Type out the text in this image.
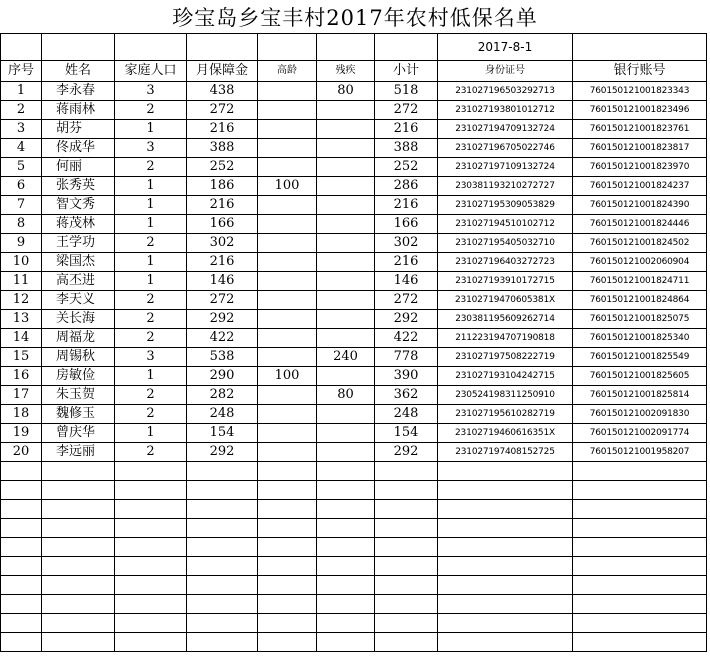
珍宝岛乡宝丰村2017年农村低保名单
							2017-8-1	
序号	姓名	家庭人口	月保障金	高龄	残疾	小计	身份证号	银行账号
1	李永春	3	438		80	518	231027196503292713	760150121001823343
2	蒋雨林	2	272			272	231027193801012712	760150121001823496
3	胡芬	1	216			216	231027194709132724	760150121001823761
4	佟成华	3	388			388	231027196705022746	760150121001823817
5	何丽	2	252			252	231027197109132724	760150121001823970
6	张秀英	1	186	100		286	230381193210272727	760150121001824237
7	智文秀	1	216			216	231027195309053829	760150121001824390
8	蒋茂林	1	166			166	231027194510102712	760150121001824446
9	王学功	2	302			302	231027195405032710	760150121001824502
10	梁国杰	1	216			216	231027196403272723	760150121002060904
11	高丕进	1	146			146	231027193910172715	760150121001824711
12	李天义	2	272			272	23102719470605381X	760150121001824864
13	关长海	2	292			292	230381195609262714	760150121001825075
14	周福龙	2	422			422	211223194707190818	760150121001825340
15	周锡秋	3	538		240	778	231027197508222719	760150121001825549
16	房敏俭	1	290	100		390	231027193104242715	760150121001825605
17	朱玉贺	2	282		80	362	230524198311250910	760150121001825814
18	魏修玉	2	248			248	231027195610282719	760150121002091830
19	曾庆华	1	154			154	23102719460616351X	760150121002091774
20	李远丽	2	292			292	231027197408152725	760150121001958207
